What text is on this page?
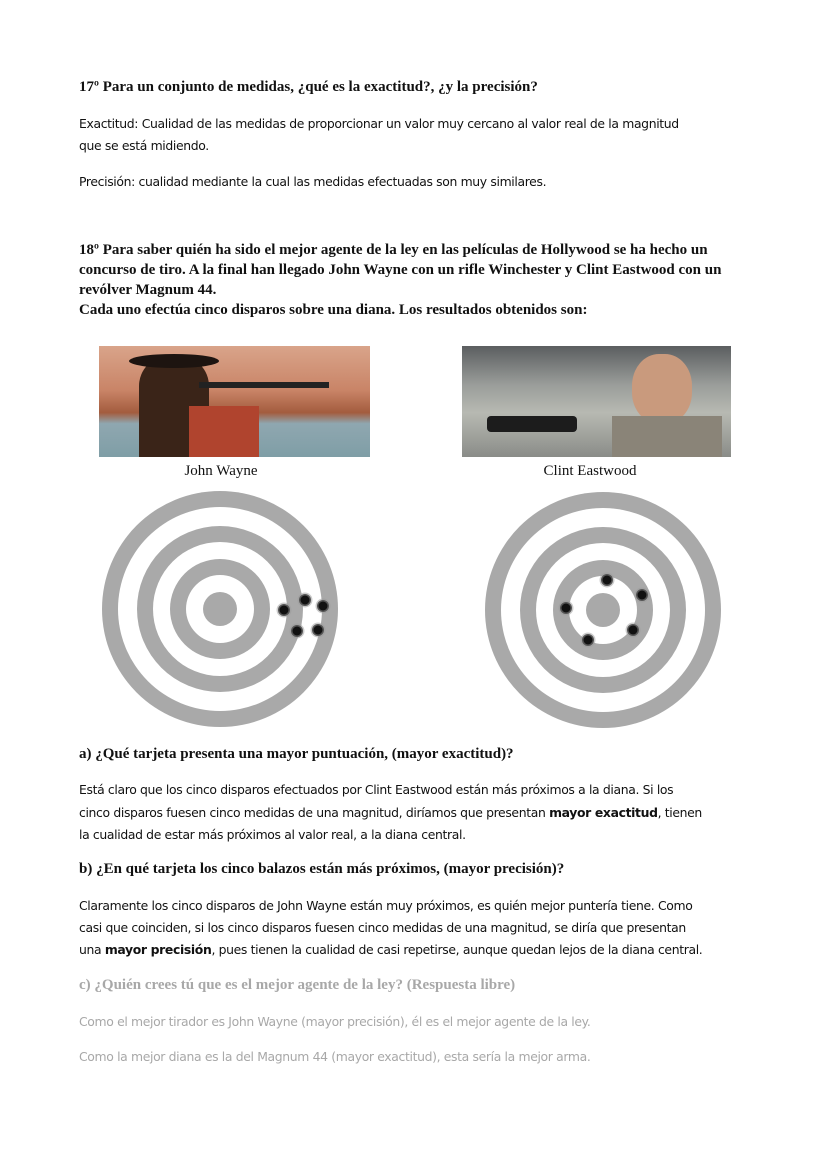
17º Para un conjunto de medidas, ¿qué es la exactitud?, ¿y la precisión?
Exactitud: Cualidad de las medidas de proporcionar un valor muy cercano al valor real de la magnitud
que se está midiendo.
Precisión: cualidad mediante la cual las medidas efectuadas son muy similares.
18º Para saber quién ha sido el mejor agente de la ley en las películas de Hollywood se ha hecho un
concurso de tiro. A la final han llegado John Wayne con un rifle Winchester y Clint Eastwood con un
revólver Magnum 44.
Cada uno efectúa cinco disparos sobre una diana. Los resultados obtenidos son:
John Wayne	Clint Eastwood
a) ¿Qué tarjeta presenta una mayor puntuación, (mayor exactitud)?
Está claro que los cinco disparos efectuados por Clint Eastwood están más próximos a la diana. Si los
cinco disparos fuesen cinco medidas de una magnitud, diríamos que presentan mayor exactitud, tienen
la cualidad de estar más próximos al valor real, a la diana central.
b) ¿En qué tarjeta los cinco balazos están más próximos, (mayor precisión)?
Claramente los cinco disparos de John Wayne están muy próximos, es quién mejor puntería tiene. Como
casi que coinciden, si los cinco disparos fuesen cinco medidas de una magnitud, se diría que presentan
una mayor precisión, pues tienen la cualidad de casi repetirse, aunque quedan lejos de la diana central.
c) ¿Quién crees tú que es el mejor agente de la ley? (Respuesta libre)
Como el mejor tirador es John Wayne (mayor precisión), él es el mejor agente de la ley.
Como la mejor diana es la del Magnum 44 (mayor exactitud), esta sería la mejor arma.
